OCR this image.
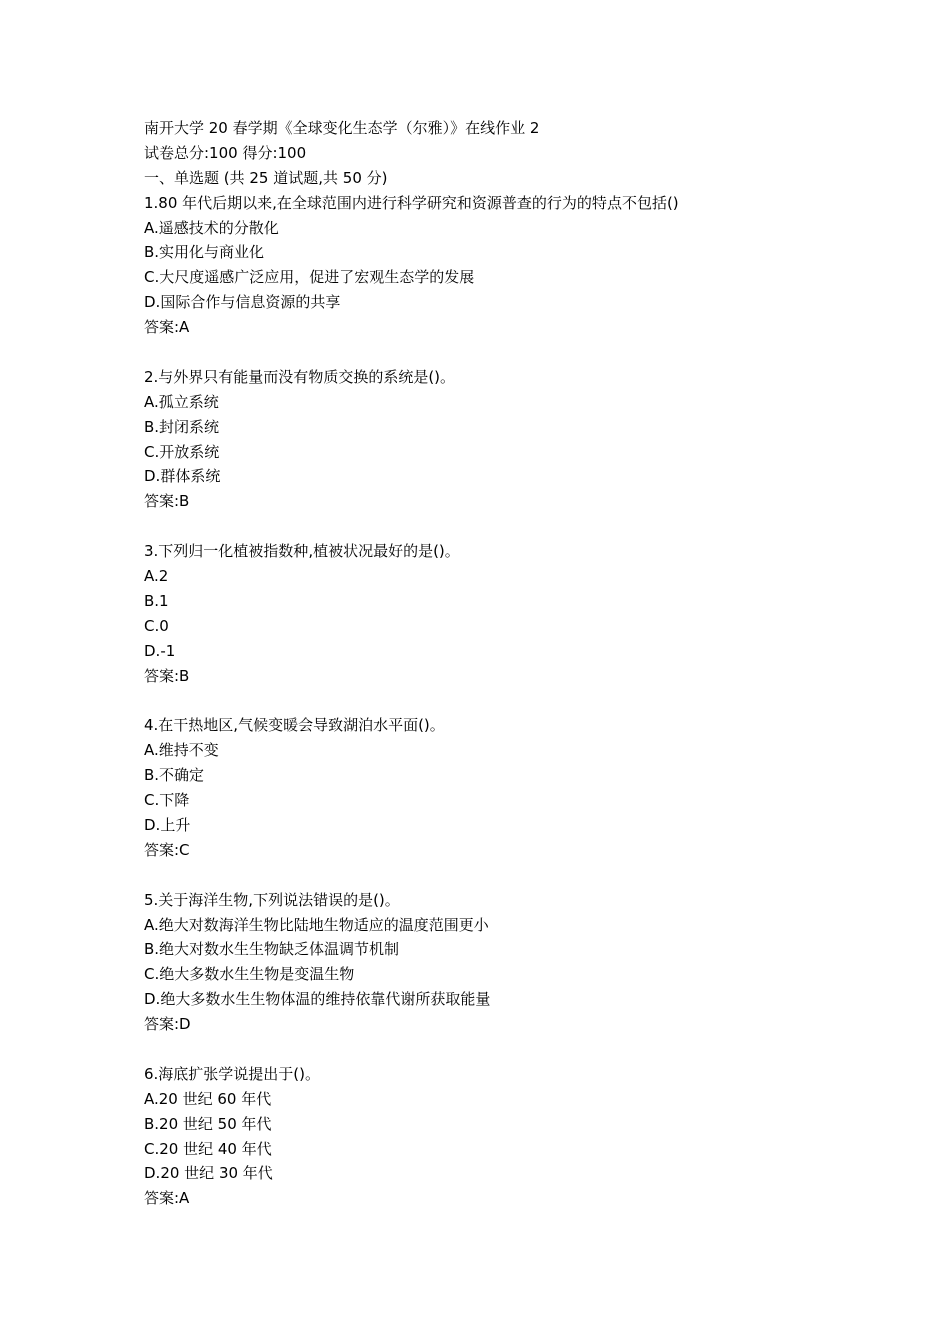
南开大学 20 春学期《全球变化生态学（尔雅）》在线作业 2
试卷总分:100 得分:100
一、单选题 (共 25 道试题,共 50 分)
1.80 年代后期以来,在全球范围内进行科学研究和资源普查的行为的特点不包括()
A.遥感技术的分散化
B.实用化与商业化
C.大尺度遥感广泛应用，促进了宏观生态学的发展
D.国际合作与信息资源的共享
答案:A
2.与外界只有能量而没有物质交换的系统是()。
A.孤立系统
B.封闭系统
C.开放系统
D.群体系统
答案:B
3.下列归一化植被指数种,植被状况最好的是()。
A.2
B.1
C.0
D.-1
答案:B
4.在干热地区,气候变暖会导致湖泊水平面()。
A.维持不变
B.不确定
C.下降
D.上升
答案:C
5.关于海洋生物,下列说法错误的是()。
A.绝大对数海洋生物比陆地生物适应的温度范围更小
B.绝大对数水生生物缺乏体温调节机制
C.绝大多数水生生物是变温生物
D.绝大多数水生生物体温的维持依靠代谢所获取能量
答案:D
6.海底扩张学说提出于()。
A.20 世纪 60 年代
B.20 世纪 50 年代
C.20 世纪 40 年代
D.20 世纪 30 年代
答案:A
